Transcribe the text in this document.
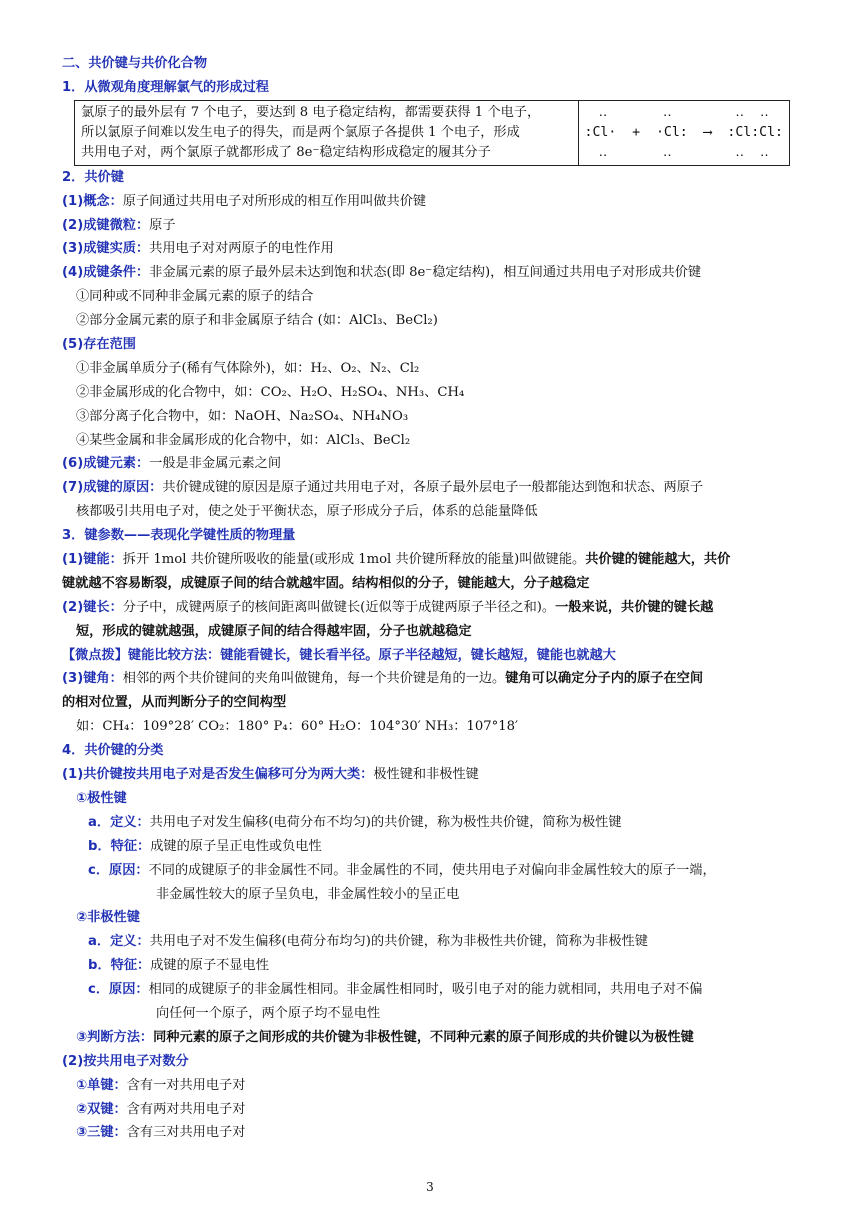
二、共价键与共价化合物
1．从微观角度理解氯气的形成过程
氯原子的最外层有 7 个电子，要达到 8 电子稳定结构，都需要获得 1 个电子，
所以氯原子间难以发生电子的得失，而是两个氯原子各提供 1 个电子，形成
共用电子对，两个氯原子就都形成了 8e⁻稳定结构形成稳定的履其分子

‥       ‥        ‥  ‥
:Cl·  +  ·Cl:  ⟶  :Cl:Cl:
‥       ‥        ‥  ‥
2．共价键
(1)概念：原子间通过共用电子对所形成的相互作用叫做共价键
(2)成键微粒：原子
(3)成键实质：共用电子对对两原子的电性作用
(4)成键条件：非金属元素的原子最外层未达到饱和状态(即 8e⁻稳定结构)，相互间通过共用电子对形成共价键
①同种或不同种非金属元素的原子的结合
②部分金属元素的原子和非金属原子结合 (如：AlCl₃、BeCl₂)
(5)存在范围
①非金属单质分子(稀有气体除外)，如：H₂、O₂、N₂、Cl₂
②非金属形成的化合物中，如：CO₂、H₂O、H₂SO₄、NH₃、CH₄
③部分离子化合物中，如：NaOH、Na₂SO₄、NH₄NO₃
④某些金属和非金属形成的化合物中，如：AlCl₃、BeCl₂
(6)成键元素：一般是非金属元素之间
(7)成键的原因：共价键成键的原因是原子通过共用电子对，各原子最外层电子一般都能达到饱和状态、两原子
核都吸引共用电子对，使之处于平衡状态，原子形成分子后，体系的总能量降低
3．键参数——表现化学键性质的物理量
(1)键能：拆开 1mol 共价键所吸收的能量(或形成 1mol 共价键所释放的能量)叫做键能。共价键的键能越大，共价
键就越不容易断裂，成键原子间的结合就越牢固。结构相似的分子，键能越大，分子越稳定
(2)键长：分子中，成键两原子的核间距离叫做键长(近似等于成键两原子半径之和)。一般来说，共价键的键长越
短，形成的键就越强，成键原子间的结合得越牢固，分子也就越稳定
【微点拨】键能比较方法：键能看键长，键长看半径。原子半径越短，键长越短，键能也就越大
(3)键角：相邻的两个共价键间的夹角叫做键角，每一个共价键是角的一边。键角可以确定分子内的原子在空间
的相对位置，从而判断分子的空间构型
如：CH₄：109°28′ CO₂：180° P₄：60° H₂O：104°30′ NH₃：107°18′
4．共价键的分类
(1)共价键按共用电子对是否发生偏移可分为两大类：极性键和非极性键
①极性键
a．定义：共用电子对发生偏移(电荷分布不均匀)的共价键，称为极性共价键，简称为极性键
b．特征：成键的原子呈正电性或负电性
c．原因：不同的成键原子的非金属性不同。非金属性的不同，使共用电子对偏向非金属性较大的原子一端，
非金属性较大的原子呈负电，非金属性较小的呈正电
②非极性键
a．定义：共用电子对不发生偏移(电荷分布均匀)的共价键，称为非极性共价键，简称为非极性键
b．特征：成键的原子不显电性
c．原因：相同的成键原子的非金属性相同。非金属性相同时，吸引电子对的能力就相同，共用电子对不偏
向任何一个原子，两个原子均不显电性
③判断方法：同种元素的原子之间形成的共价键为非极性键，不同种元素的原子间形成的共价键以为极性键
(2)按共用电子对数分
①单键：含有一对共用电子对
②双键：含有两对共用电子对
③三键：含有三对共用电子对
3
